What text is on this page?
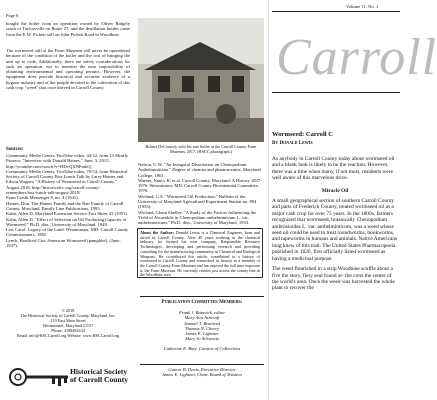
Page 8

bought the boiler from an operation owned by Oliver Ridgely south of Taylorsville on Route 27, and the distillation bottles came from the E.W. Pickett still on John Pickett Road in Woodbine.

The wormseed still at the Farm Museum will never be operational because of the condition of the boiler and the cost of bringing the unit up to code. Additionally, there are safety considerations for such an operation, not to mention the near impossibility of obtaining environmental and operating permits. However, the equipment does provide historical and accurate evidence of a bygone industry and of the people devoted to the cultivation of this cash crop "weed" that once thrived in Carroll County.

Robert DeCourcey with his rare boiler at the Carroll County Farm Museum, 2017. (HSCC photograph.)

Sources:

Community Media Center, YouTube video, 44:32, from 13 Mostly Prosecs: "Interview with Donald Haines," June, 3, 2015, http://youtube.com/watch?v=HDvQXNPmkQ.

Community Media Center, YouTube video, 70:54, from Historical Society of Carroll County Box Lunch Talk by Larry Haines and Edwin Wagner, "A History of Wormseed in Carroll County," August 2018, http://historicalcc.org/carroll-county-remembers/box-lunch-talk-august-2018/

Farm Credit Messenger 8, no. 4 (1941).

Haines, Don. The Haines Family and the Bair Family of Carroll County, Maryland. Family Line Publications, 1995.

Kahn, Allen D. Maryland Extension Service Fact Sheet 43 (1951).

Kahn, Allen D. "Effect of Selection on Oil Producing Capacity of Wormseed." Ph.D. diss., University of Maryland, 1948.

Lea, Carol. Legacy of the Land. Westminster, MD: Carroll County Commissioners, 1982.

Lynch, Bradford Gist. American Wormseed (pamphlet). (June, 1937).

Nelson, G.W. "An Inaugural Dissertation on Chenopodium Anthelminticum." Degree of chemist and pharmaceutist, Maryland College, 1861.

Warner, Nancy B. et al. Carroll County, Maryland: A History 1837-1976. Westminster, MD: Carroll County Bicentennial Committee, 1976.

Wieland, G.S. "Wormseed Oil Production." Bulletin of the University of Maryland Agricultural Experiment Station no. 894 (1953).

Wieland, Glenn Shelley. "A Study of the Factors Influencing the Yield of Ascaridole in Chenopodium anthelminticum L. var. anthelminticum." Ph.D. diss., University of Maryland, 1953.

About the Author: Donald Lewis is a Chemical Engineer, born and raised in Carroll County. After 40 years working in the chemical industry, he formed his own company, Responsible Resource Technologies, developing and performing research and providing consulting for the manufacturing community in Chemical and Biological Weapons. He co-authored this article, contributed to a history of wormseed in Carroll County and researched its history as a member of the Carroll County Farm Museum and has enjoyed the full time exposure to the Farm Museum. He currently resides just across the county line in the Woodbine area.

© 2018

The Historical Society of Carroll County, Maryland, Inc.

210 East Main Street

Westminster, Maryland 21157

Phone: 4108482434

Email: info@HSCCarroll.org Website: www.HSCCarroll.org

Historical Society
of Carroll County
Publication Committee Members:

Frank J. Batavick, editor

Mary Ann Ashcraft

Samuel T. Brainerd

Thomas N. Cherry

James E. Lightner

Mary Jo Schwartz

Catherine E. Baty, Curator of Collections

Gainor B. Davis, Executive Director

James E. Lightner, Chair, Board of Trustees

Volume 11, No. 1
Carroll
Wormseed: Carroll C
By Donald Lewis

As anybody in Carroll County today about wormseed oil and a blank look is likely to be the reaction. However, there was a time when many, if not most, residents were well aware of this marvelous drive.

Miracle Oil

A small geographical section of southern Carroll County and parts of Frederick County, treated wormseed oil as a major cash crop for over 75 years. In the 1800s, farmers recognized that wormseed, botanically Chenopodium ambrosioides L. var. anthelminticum, was a weed whose seed oil could be used to treat roundworms, hookworms, and tapeworms in humans and animals. Native Americans long knew of this trait. The United States Pharmacopoeia published in 1820, first officially listed wormseed as having a medicinal purpose.

The weed flourished in a strip Woodbine scuffle about a five the story, fiery seal found ar- the crest the center of the world's area. Once the weed was harvested the whole plant to recover the
